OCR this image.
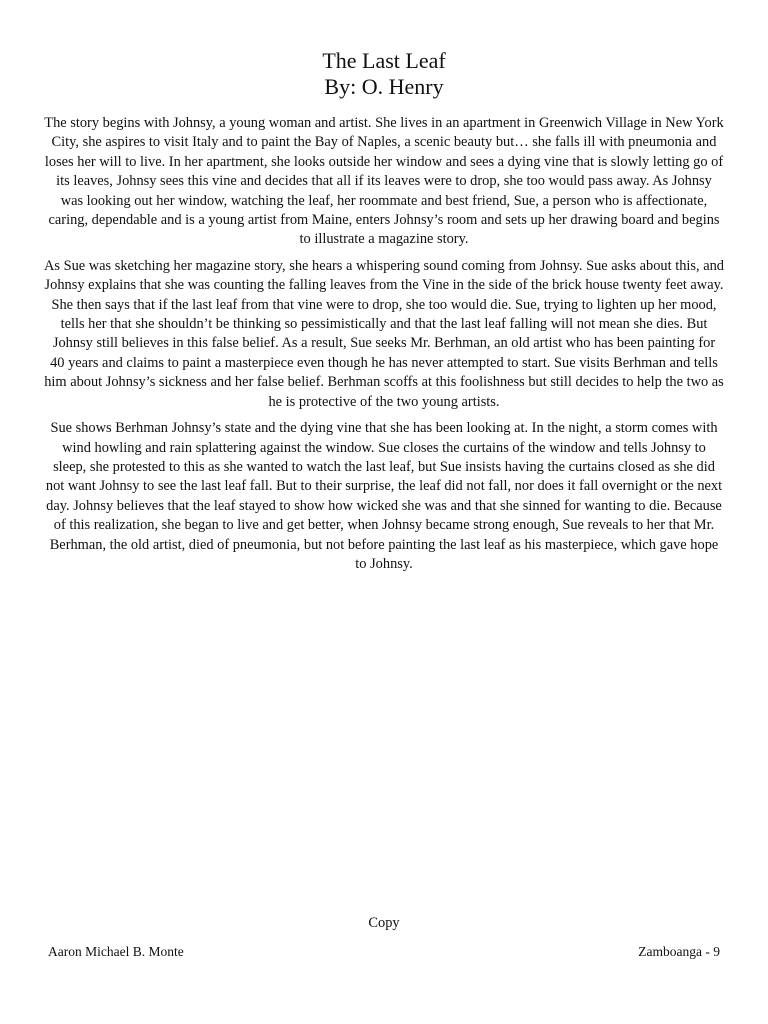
The Last Leaf
By: O. Henry

The story begins with Johnsy, a young woman and artist. She lives in an apartment in Greenwich Village in New York City, she aspires to visit Italy and to paint the Bay of Naples, a scenic beauty but… she falls ill with pneumonia and loses her will to live. In her apartment, she looks outside her window and sees a dying vine that is slowly letting go of its leaves, Johnsy sees this vine and decides that all if its leaves were to drop, she too would pass away. As Johnsy was looking out her window, watching the leaf, her roommate and best friend, Sue, a person who is affectionate, caring, dependable and is a young artist from Maine, enters Johnsy’s room and sets up her drawing board and begins to illustrate a magazine story.

As Sue was sketching her magazine story, she hears a whispering sound coming from Johnsy. Sue asks about this, and Johnsy explains that she was counting the falling leaves from the Vine in the side of the brick house twenty feet away. She then says that if the last leaf from that vine were to drop, she too would die. Sue, trying to lighten up her mood, tells her that she shouldn’t be thinking so pessimistically and that the last leaf falling will not mean she dies. But Johnsy still believes in this false belief. As a result, Sue seeks Mr. Berhman, an old artist who has been painting for 40 years and claims to paint a masterpiece even though he has never attempted to start. Sue visits Berhman and tells him about Johnsy’s sickness and her false belief. Berhman scoffs at this foolishness but still decides to help the two as he is protective of the two young artists.

Sue shows Berhman Johnsy’s state and the dying vine that she has been looking at. In the night, a storm comes with wind howling and rain splattering against the window. Sue closes the curtains of the window and tells Johnsy to sleep, she protested to this as she wanted to watch the last leaf, but Sue insists having the curtains closed as she did not want Johnsy to see the last leaf fall. But to their surprise, the leaf did not fall, nor does it fall overnight or the next day. Johnsy believes that the leaf stayed to show how wicked she was and that she sinned for wanting to die. Because of this realization, she began to live and get better, when Johnsy became strong enough, Sue reveals to her that Mr. Berhman, the old artist, died of pneumonia, but not before painting the last leaf as his masterpiece, which gave hope to Johnsy.

Copy
Aaron Michael B. Monte	Zamboanga - 9
